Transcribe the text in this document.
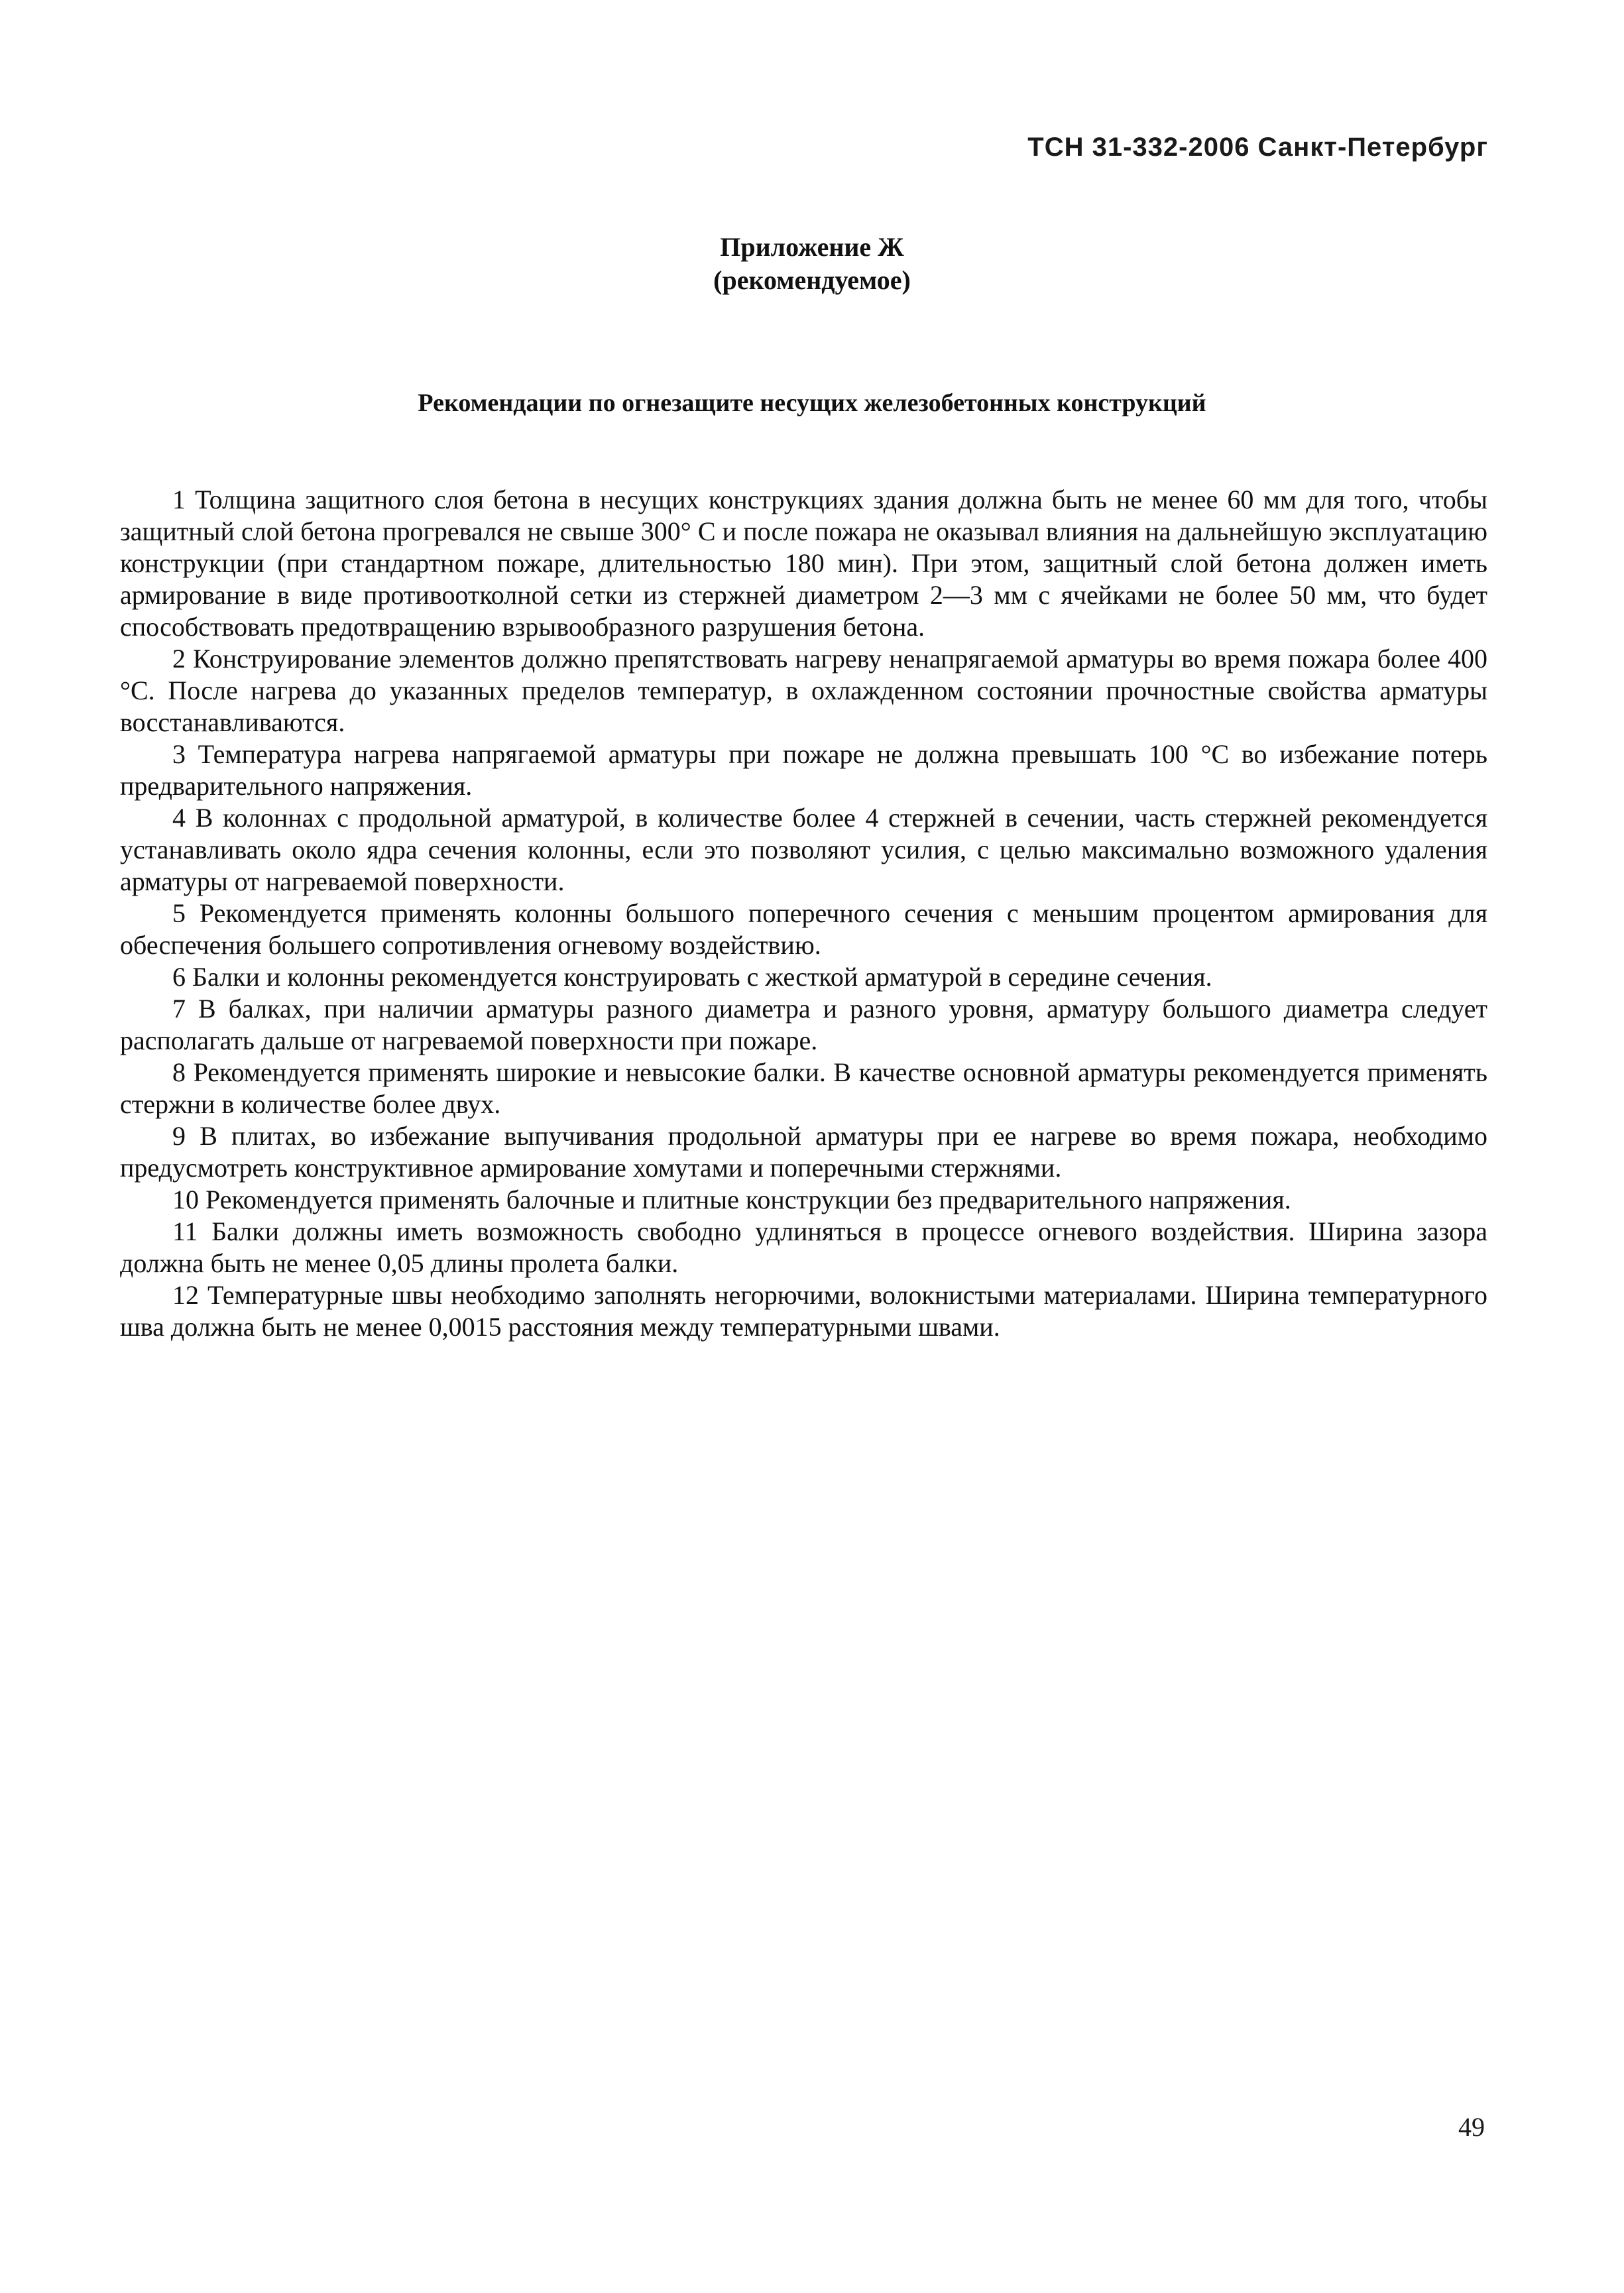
ТСН 31-332-2006 Санкт-Петербург
Приложение Ж
(рекомендуемое)
Рекомендации по огнезащите несущих железобетонных конструкций

1 Толщина защитного слоя бетона в несущих конструкциях здания должна быть не менее 60 мм для того, чтобы защитный слой бетона прогревался не свыше 300° С и после пожара не оказывал влияния на дальнейшую эксплуатацию конструкции (при стандартном пожаре, длительностью 180 мин). При этом, защитный слой бетона должен иметь армирование в виде противоотколной сетки из стержней диаметром 2—3 мм с ячейками не более 50 мм, что будет способствовать предотвращению взрывообразного разрушения бетона.

2 Конструирование элементов должно препятствовать нагреву ненапрягаемой арматуры во время пожара более 400 °С. После нагрева до указанных пределов температур, в охлажденном состоянии прочностные свойства арматуры восстанавливаются.

3 Температура нагрева напрягаемой арматуры при пожаре не должна превышать 100 °С во избежание потерь предварительного напряжения.

4 В колоннах с продольной арматурой, в количестве более 4 стержней в сечении, часть стержней рекомендуется устанавливать около ядра сечения колонны, если это позволяют усилия, с целью максимально возможного удаления арматуры от нагреваемой поверхности.

5 Рекомендуется применять колонны большого поперечного сечения с меньшим процентом армирования для обеспечения большего сопротивления огневому воздействию.

6 Балки и колонны рекомендуется конструировать с жесткой арматурой в середине сечения.

7 В балках, при наличии арматуры разного диаметра и разного уровня, арматуру большого диаметра следует располагать дальше от нагреваемой поверхности при пожаре.

8 Рекомендуется применять широкие и невысокие балки. В качестве основной арматуры рекомендуется применять стержни в количестве более двух.

9 В плитах, во избежание выпучивания продольной арматуры при ее нагреве во время пожара, необходимо предусмотреть конструктивное армирование хомутами и поперечными стержнями.

10 Рекомендуется применять балочные и плитные конструкции без предварительного напряжения.

11 Балки должны иметь возможность свободно удлиняться в процессе огневого воздействия. Ширина зазора должна быть не менее 0,05 длины пролета балки.

12 Температурные швы необходимо заполнять негорючими, волокнистыми материалами. Ширина температурного шва должна быть не менее 0,0015 расстояния между температурными швами.

49
